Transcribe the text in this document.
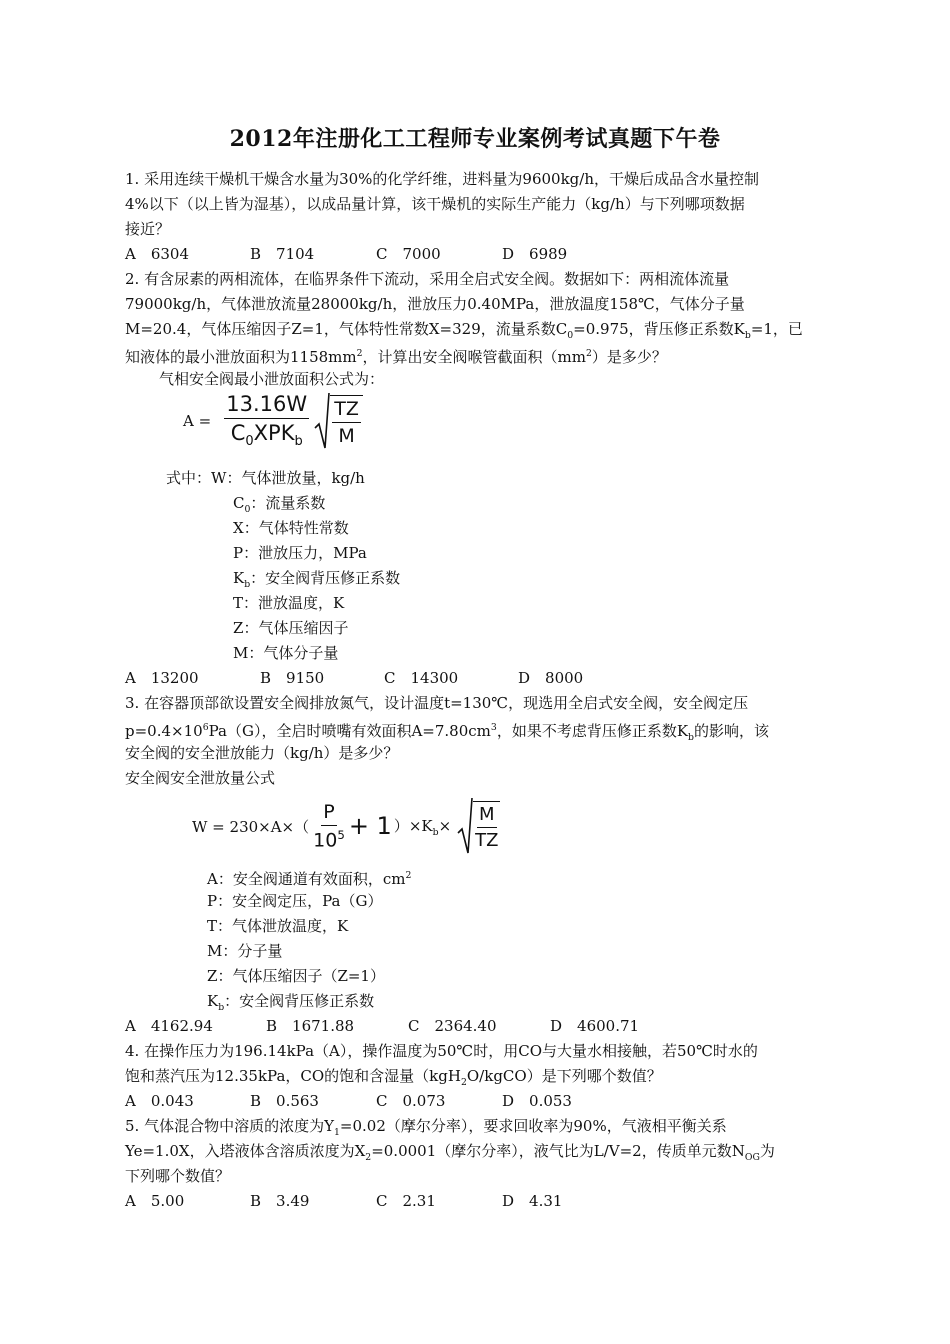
2012年注册化工工程师专业案例考试真题下午卷
1. 采用连续干燥机干燥含水量为30%的化学纤维，进料量为9600kg/h，干燥后成品含水量控制
4%以下（以上皆为湿基），以成品量计算，该干燥机的实际生产能力（kg/h）与下列哪项数据
接近？
A　6304	B　7104	C　7000	D　6989
2. 有含尿素的两相流体，在临界条件下流动，采用全启式安全阀。数据如下：两相流体流量
79000kg/h，气体泄放流量28000kg/h，泄放压力0.40MPa，泄放温度158℃，气体分子量
M=20.4，气体压缩因子Z=1，气体特性常数X=329，流量系数$C_0=0.975$，背压修正系数$K_b=1$，已
知液体的最小泄放面积为$1158mm^2$，计算出安全阀喉管截面积$(mm^2)$是多少？
气相安全阀最小泄放面积公式为：
$A = \frac{13.16W}{C_0XPK_b}$
$\frac{TZ}{M}$
式中：W：气体泄放量，kg/h
$C_0$：流量系数
X：气体特性常数
P：泄放压力，MPa
$K_b$：安全阀背压修正系数
T：泄放温度，K
Z：气体压缩因子
M：气体分子量
A　13200	B　9150	C　14300	D　8000
3. 在容器顶部欲设置安全阀排放氮气，设计温度t=130℃，现选用全启式安全阀，安全阀定压
$p=0.4\times 10^6Pa(G)$，全启时喷嘴有效面积$A=7.80cm^3$，如果不考虑背压修正系数$K_b$的影响，该
安全阀的安全泄放能力（kg/h）是多少？
安全阀安全泄放量公式
$W = 230\times A\times( \frac{P}{10^5} + 1$ ）$\times K_b\times \frac{M}{TZ}$
A：安全阀通道有效面积，$cm^2$
P：安全阀定压，Pa（G）
T：气体泄放温度，K
M：分子量
Z：气体压缩因子（Z=1）
$K_b$：安全阀背压修正系数
A　4162.94	B　1671.88	C　2364.40	D　4600.71
4. 在操作压力为196.14kPa（A），操作温度为50℃时，用CO与大量水相接触，若50℃时水的
饱和蒸汽压为12.35kPa，CO的饱和含湿量（kgH$_2$O/kgCO）是下列哪个数值？
A　0.043	B　0.563	C　0.073	D　0.053
5. 气体混合物中溶质的浓度为$Y_1=0.02$（摩尔分率），要求回收率为90%，气液相平衡关系
Ye=1.0X，入塔液体含溶质浓度为$X_2=0.0001$（摩尔分率），液气比为L/V=2，传质单元数$N_{OG}$为
下列哪个数值？
A　5.00	B　3.49	C　2.31	D　4.31
